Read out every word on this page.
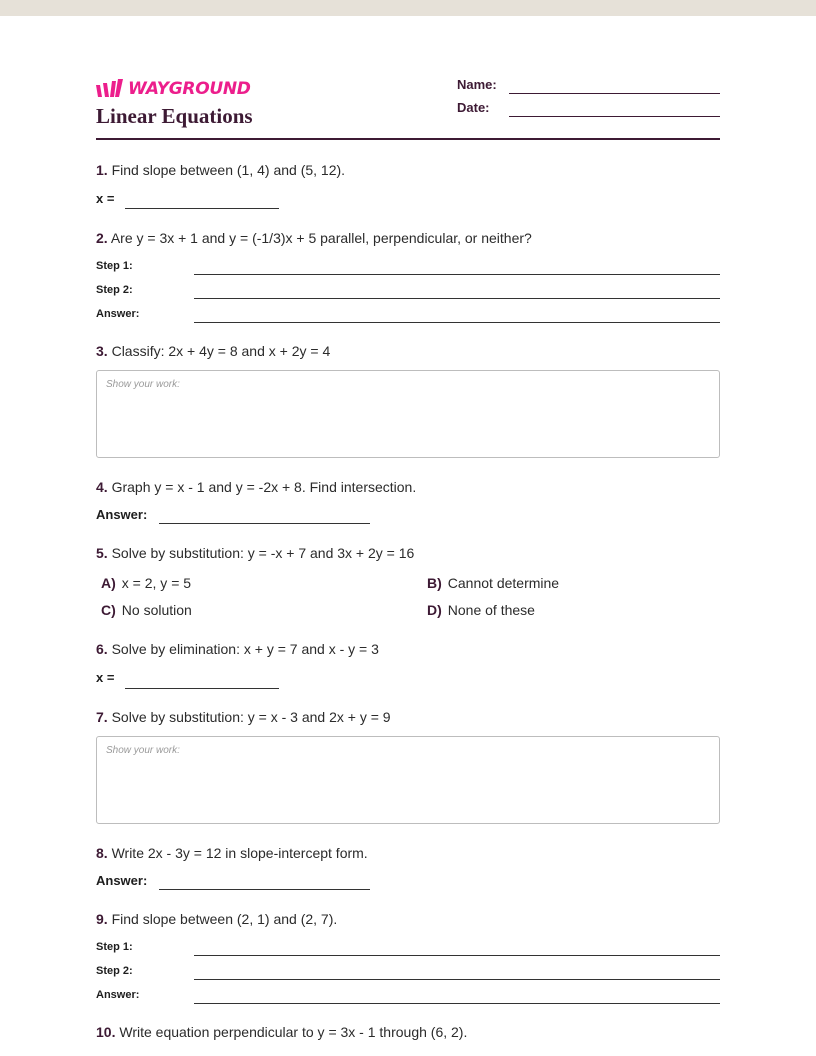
WAYGROUND
Linear Equations
Name:
Date:
1. Find slope between (1, 4) and (5, 12).
x =
2. Are y = 3x + 1 and y = (-1/3)x + 5 parallel, perpendicular, or neither?
Step 1:
Step 2:
Answer:
3. Classify: 2x + 4y = 8 and x + 2y = 4
Show your work:
4. Graph y = x - 1 and y = -2x + 8. Find intersection.
Answer:
5. Solve by substitution: y = -x + 7 and 3x + 2y = 16
A) x = 2, y = 5	B) Cannot determine
C) No solution	D) None of these
6. Solve by elimination: x + y = 7 and x - y = 3
x =
7. Solve by substitution: y = x - 3 and 2x + y = 9
Show your work:
8. Write 2x - 3y = 12 in slope-intercept form.
Answer:
9. Find slope between (2, 1) and (2, 7).
Step 1:
Step 2:
Answer:
10. Write equation perpendicular to y = 3x - 1 through (6, 2).
